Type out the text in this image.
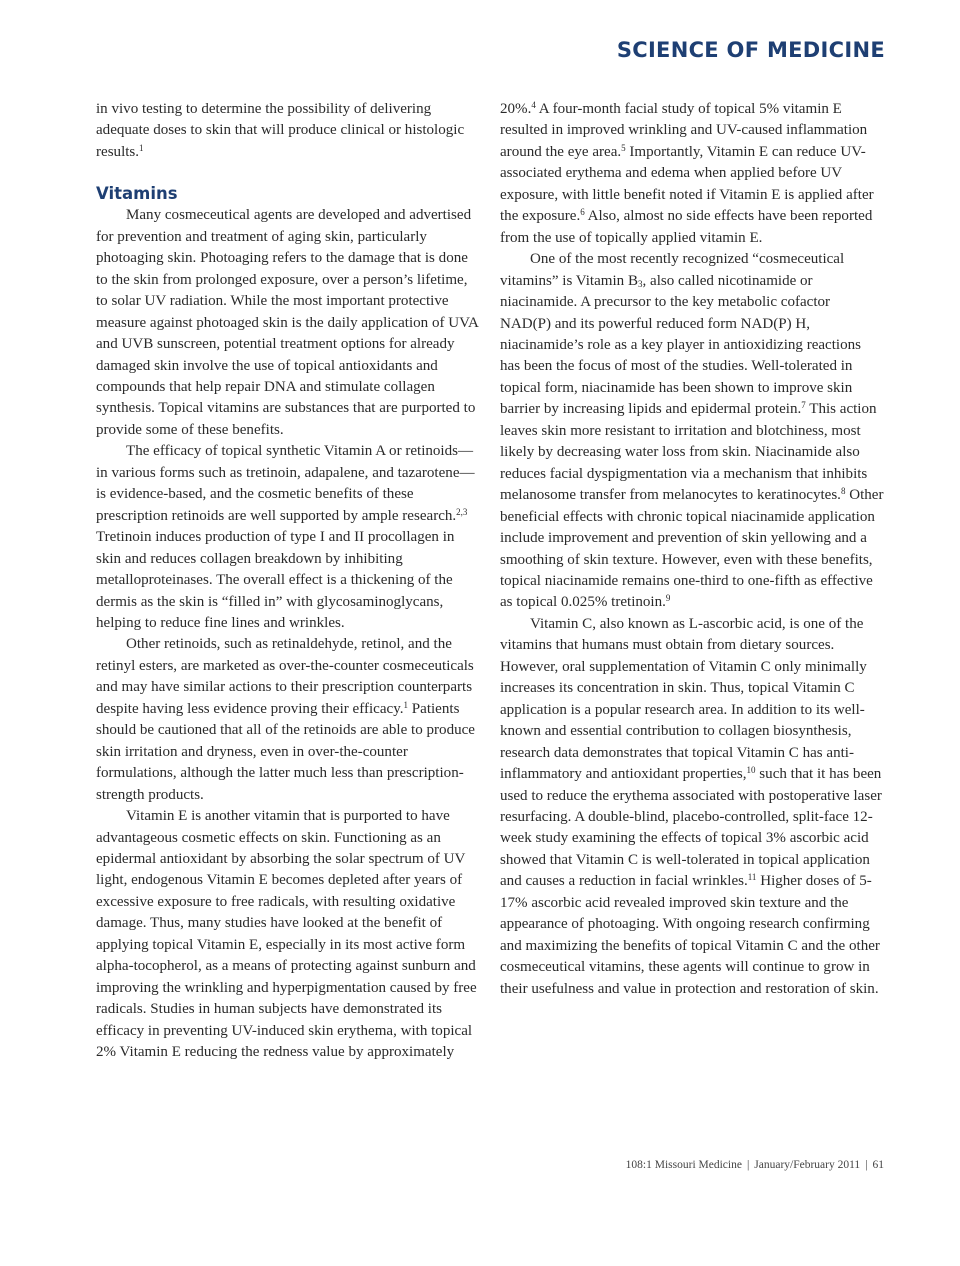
SCIENCE OF MEDICINE

in vivo testing to determine the possibility of delivering adequate doses to skin that will produce clinical or histologic results.$^1$

Vitamins

Many cosmeceutical agents are developed and advertised for prevention and treatment of aging skin, particularly photoaging skin. Photoaging refers to the damage that is done to the skin from prolonged exposure, over a person’s lifetime, to solar UV radiation. While the most important protective measure against photoaged skin is the daily application of UVA and UVB sunscreen, potential treatment options for already damaged skin involve the use of topical antioxidants and compounds that help repair DNA and stimulate collagen synthesis. Topical vitamins are substances that are purported to provide some of these benefits.

The efficacy of topical synthetic Vitamin A or retinoids—in various forms such as tretinoin, adapalene, and tazarotene—is evidence-based, and the cosmetic benefits of these prescription retinoids are well supported by ample research.$^{2,3}$ Tretinoin induces production of type I and II procollagen in skin and reduces collagen breakdown by inhibiting metalloproteinases. The overall effect is a thickening of the dermis as the skin is “filled in” with glycosaminoglycans, helping to reduce fine lines and wrinkles.

Other retinoids, such as retinaldehyde, retinol, and the retinyl esters, are marketed as over-the-counter cosmeceuticals and may have similar actions to their prescription counterparts despite having less evidence proving their efficacy.$^1$ Patients should be cautioned that all of the retinoids are able to produce skin irritation and dryness, even in over-the-counter formulations, although the latter much less than prescription-strength products.

Vitamin E is another vitamin that is purported to have advantageous cosmetic effects on skin. Functioning as an epidermal antioxidant by absorbing the solar spectrum of UV light, endogenous Vitamin E becomes depleted after years of excessive exposure to free radicals, with resulting oxidative damage. Thus, many studies have looked at the benefit of applying topical Vitamin E, especially in its most active form alpha-tocopherol, as a means of protecting against sunburn and improving the wrinkling and hyperpigmentation caused by free radicals. Studies in human subjects have demonstrated its efficacy in preventing UV-induced skin erythema, with topical 2% Vitamin E reducing the redness value by approximately

20%.$^4$ A four-month facial study of topical 5% vitamin E resulted in improved wrinkling and UV-caused inflammation around the eye area.$^5$ Importantly, Vitamin E can reduce UV-associated erythema and edema when applied before UV exposure, with little benefit noted if Vitamin E is applied after the exposure.$^6$ Also, almost no side effects have been reported from the use of topically applied vitamin E.

One of the most recently recognized “cosmeceutical vitamins” is Vitamin $B_3$, also called nicotinamide or niacinamide. A precursor to the key metabolic cofactor NAD(P) and its powerful reduced form NAD(P) H, niacinamide’s role as a key player in antioxidizing reactions has been the focus of most of the studies. Well-tolerated in topical form, niacinamide has been shown to improve skin barrier by increasing lipids and epidermal protein.$^7$ This action leaves skin more resistant to irritation and blotchiness, most likely by decreasing water loss from skin. Niacinamide also reduces facial dyspigmentation via a mechanism that inhibits melanosome transfer from melanocytes to keratinocytes.$^8$ Other beneficial effects with chronic topical niacinamide application include improvement and prevention of skin yellowing and a smoothing of skin texture. However, even with these benefits, topical niacinamide remains one-third to one-fifth as effective as topical 0.025% tretinoin.$^9$

Vitamin C, also known as L-ascorbic acid, is one of the vitamins that humans must obtain from dietary sources. However, oral supplementation of Vitamin C only minimally increases its concentration in skin. Thus, topical Vitamin C application is a popular research area. In addition to its well-known and essential contribution to collagen biosynthesis, research data demonstrates that topical Vitamin C has anti-inflammatory and antioxidant properties,$^{10}$ such that it has been used to reduce the erythema associated with postoperative laser resurfacing. A double-blind, placebo-controlled, split-face 12-week study examining the effects of topical 3% ascorbic acid showed that Vitamin C is well-tolerated in topical application and causes a reduction in facial wrinkles.$^{11}$ Higher doses of 5-17% ascorbic acid revealed improved skin texture and the appearance of photoaging. With ongoing research confirming and maximizing the benefits of topical Vitamin C and the other cosmeceutical vitamins, these agents will continue to grow in their usefulness and value in protection and restoration of skin.

108:1 Missouri Medicine | January/February 2011 | 61
